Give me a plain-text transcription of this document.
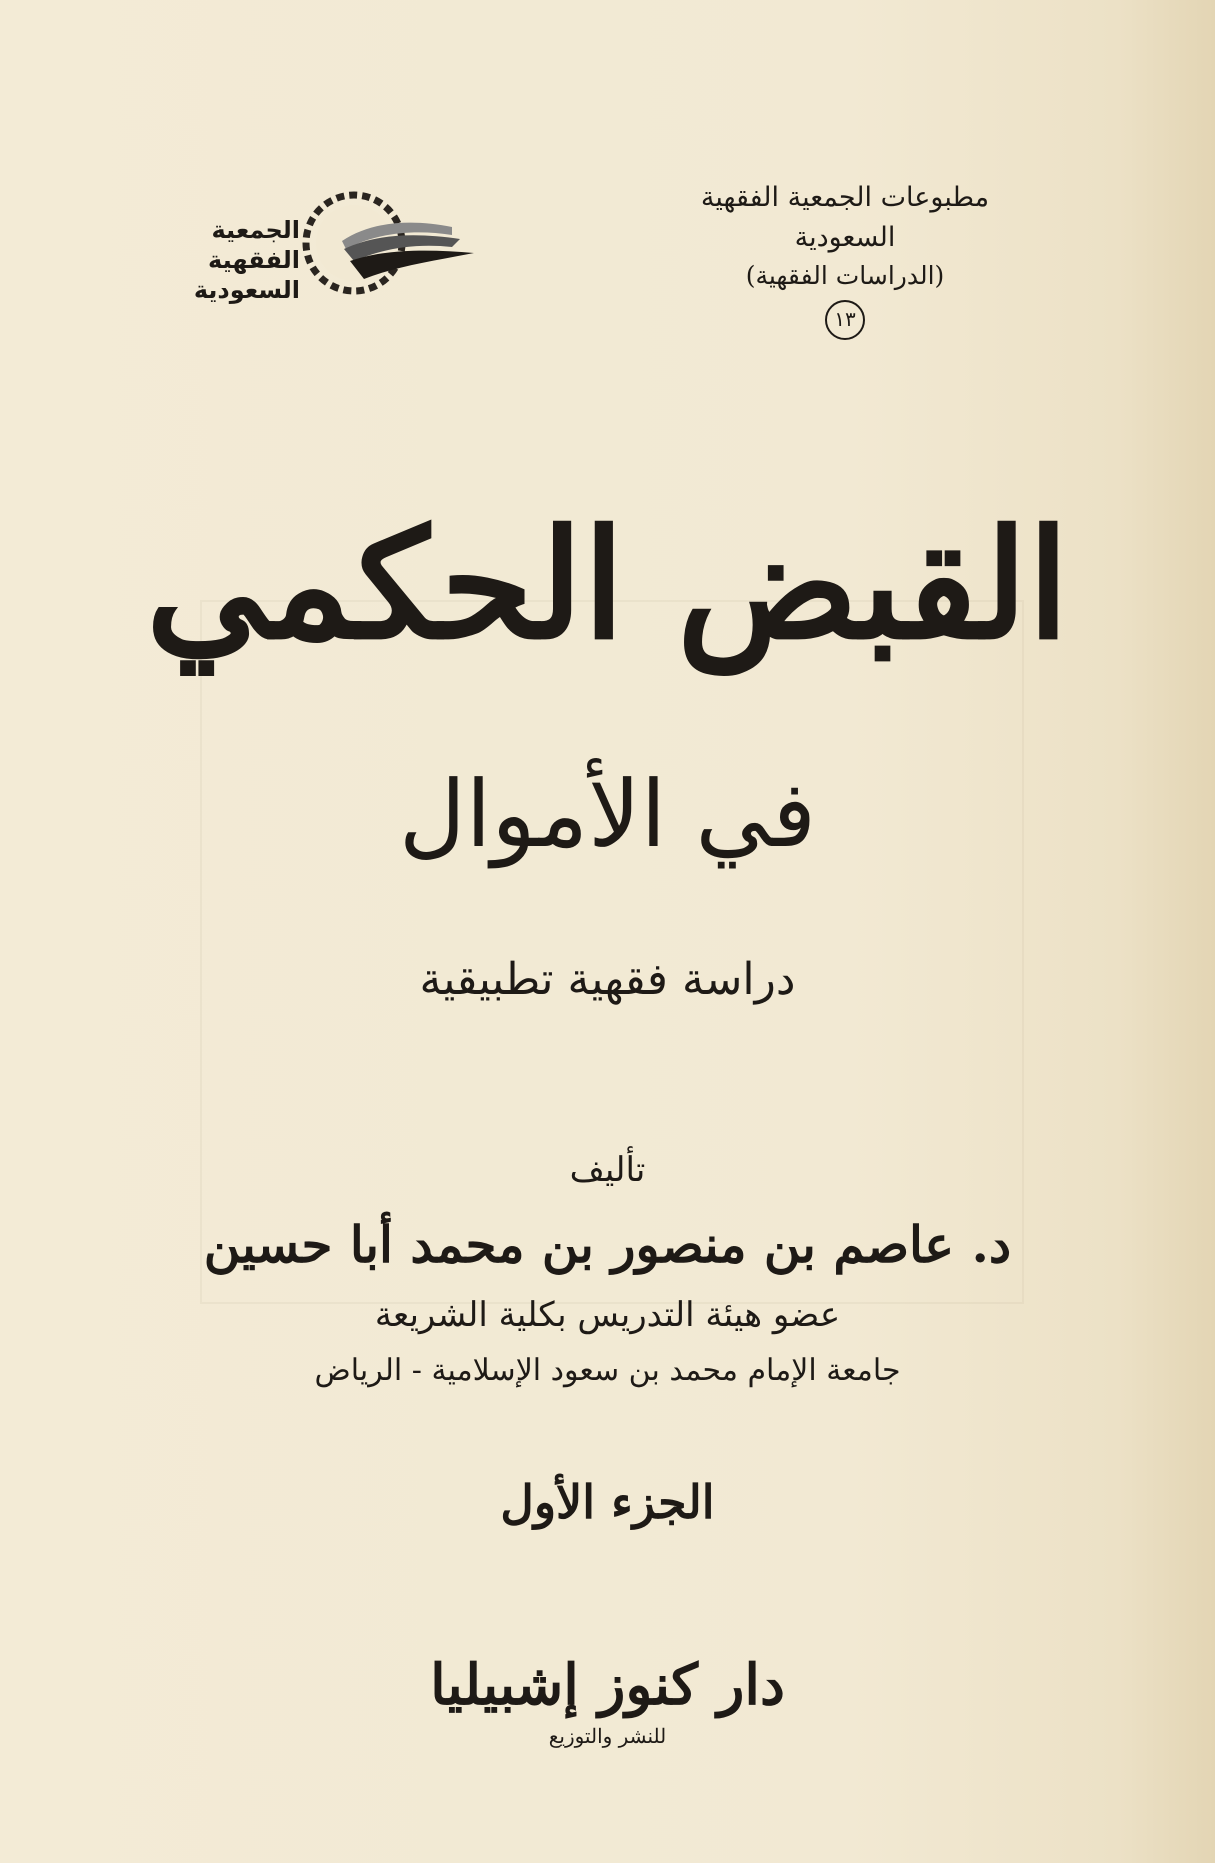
مطبوعات الجمعية الفقهية السعودية
(الدراسات الفقهية)
١٣
الجمعية
الفقهية
السعودية
القبض الحكمي
في الأموال
دراسة فقهية تطبيقية
تأليف
د. عاصم بن منصور بن محمد أبا حسين
عضو هيئة التدريس بكلية الشريعة
جامعة الإمام محمد بن سعود الإسلامية - الرياض
الجزء الأول
دار كنوز إشبيليا
للنشر والتوزيع
